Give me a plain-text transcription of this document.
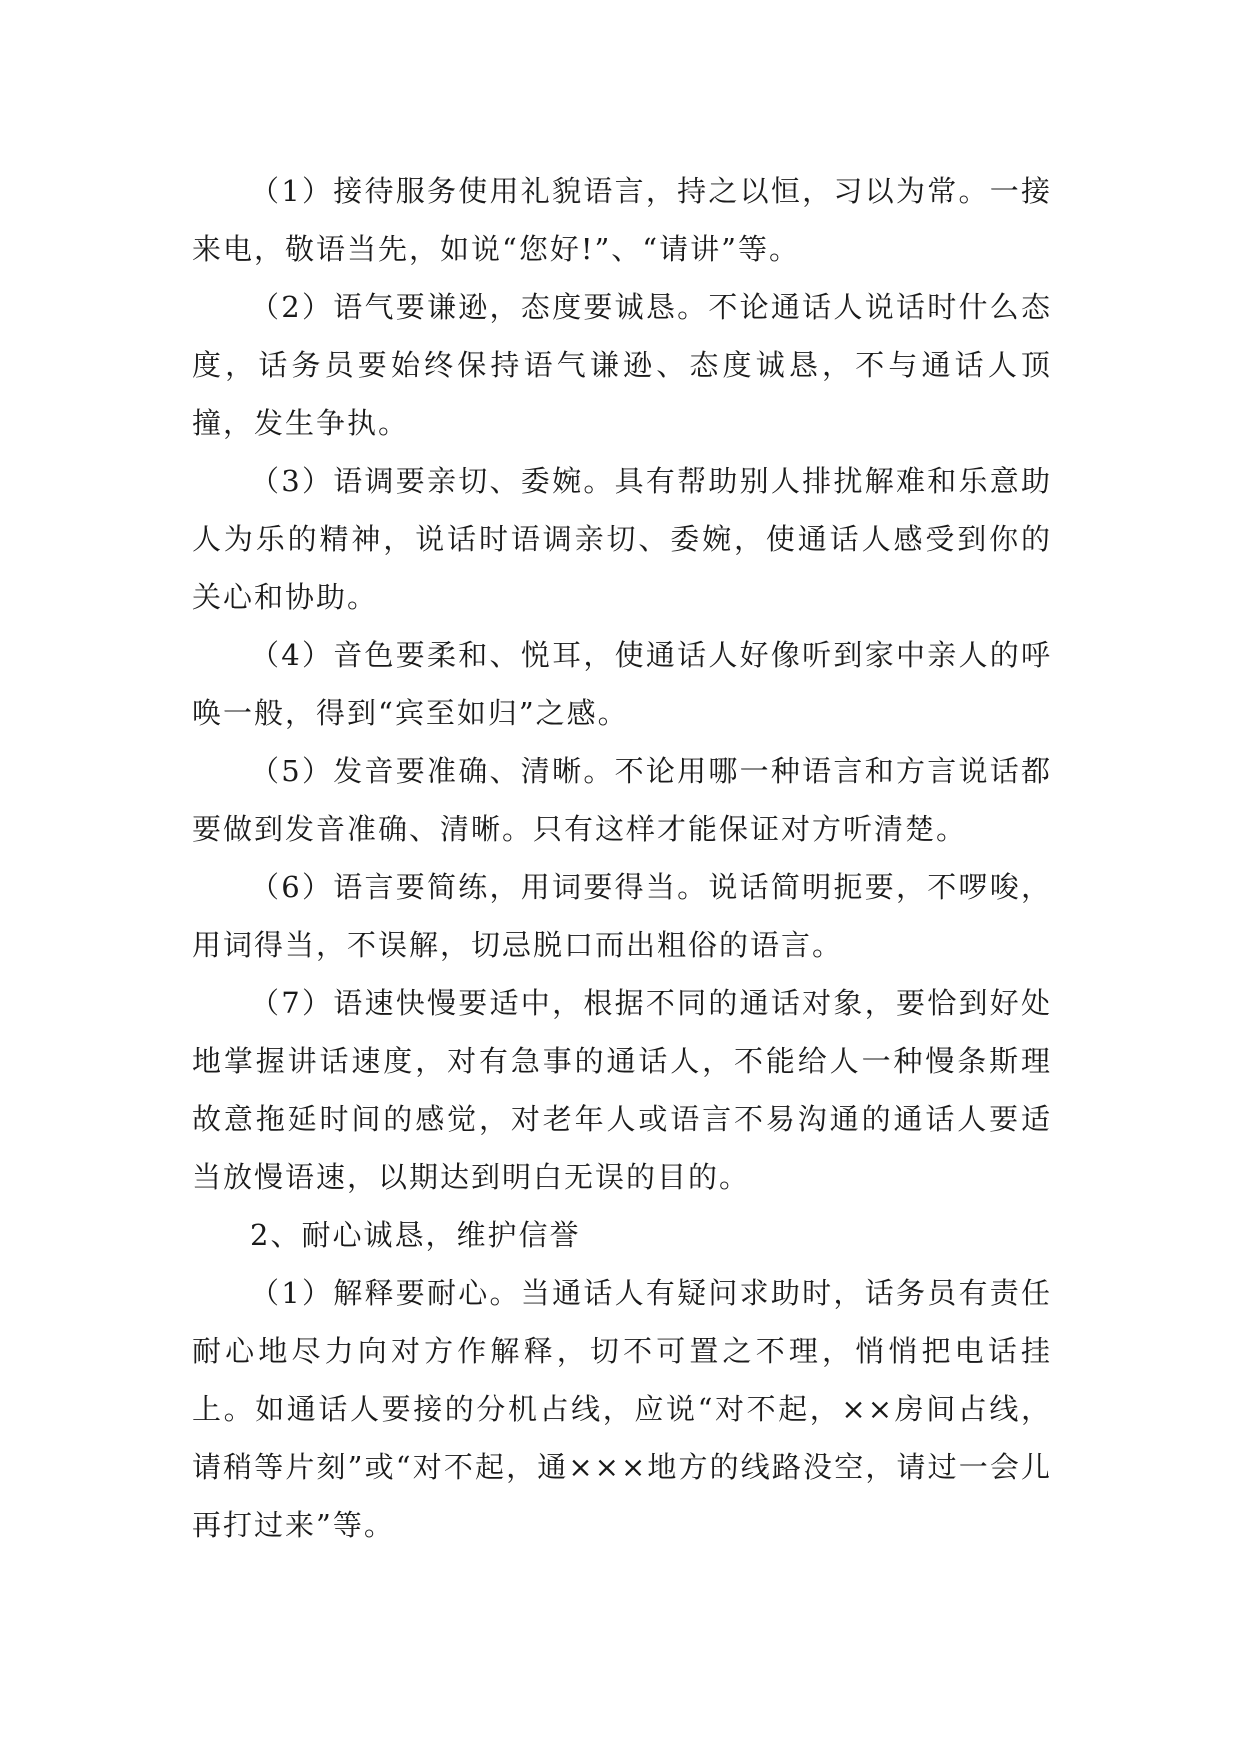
（1）接待服务使用礼貌语言，持之以恒，习以为常。一接来电，敬语当先，如说“您好!”、“请讲”等。

（2）语气要谦逊，态度要诚恳。不论通话人说话时什么态度，话务员要始终保持语气谦逊、态度诚恳，不与通话人顶撞，发生争执。

（3）语调要亲切、委婉。具有帮助别人排扰解难和乐意助人为乐的精神，说话时语调亲切、委婉，使通话人感受到你的关心和协助。

（4）音色要柔和、悦耳，使通话人好像听到家中亲人的呼唤一般，得到“宾至如归”之感。

（5）发音要准确、清晰。不论用哪一种语言和方言说话都要做到发音准确、清晰。只有这样才能保证对方听清楚。

（6）语言要简练，用词要得当。说话简明扼要，不啰唆，用词得当，不误解，切忌脱口而出粗俗的语言。

（7）语速快慢要适中，根据不同的通话对象，要恰到好处地掌握讲话速度，对有急事的通话人，不能给人一种慢条斯理故意拖延时间的感觉，对老年人或语言不易沟通的通话人要适当放慢语速，以期达到明白无误的目的。

2、耐心诚恳，维护信誉

（1）解释要耐心。当通话人有疑问求助时，话务员有责任耐心地尽力向对方作解释，切不可置之不理，悄悄把电话挂上。如通话人要接的分机占线，应说“对不起，××房间占线，请稍等片刻”或“对不起，通×××地方的线路没空，请过一会儿再打过来”等。
